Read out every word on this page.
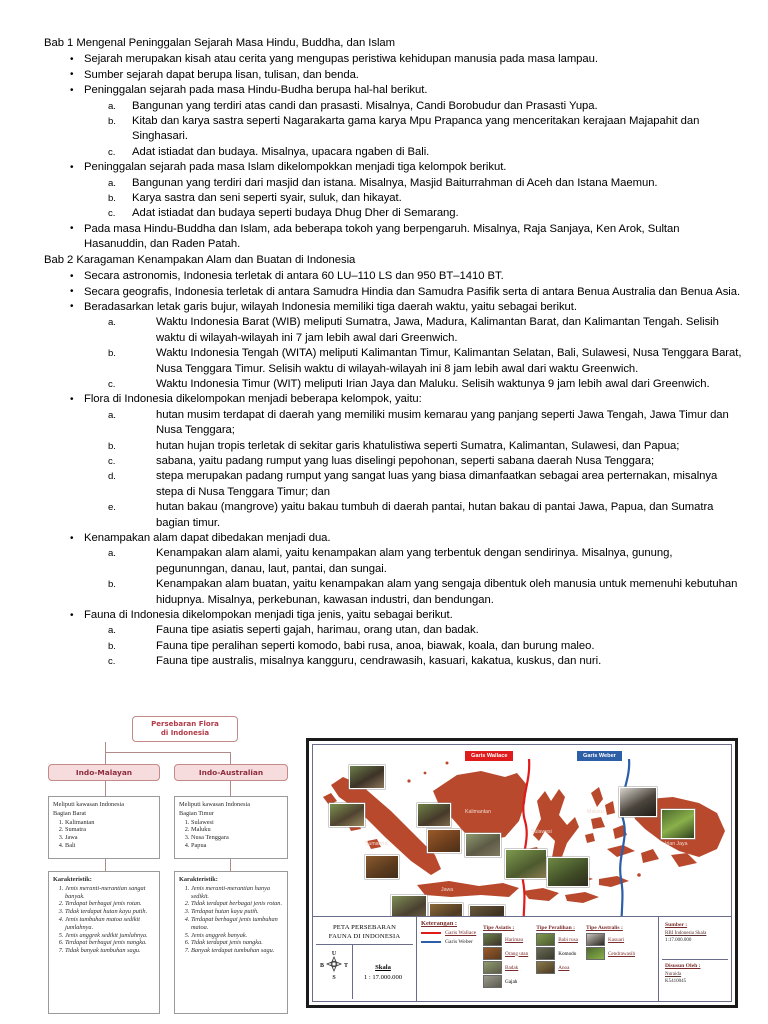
Bab 1 Mengenal Peninggalan Sejarah Masa Hindu, Buddha, dan Islam
• Sejarah merupakan kisah atau cerita yang mengupas peristiwa kehidupan manusia pada masa lampau.
• Sumber sejarah dapat berupa lisan, tulisan, dan benda.
• Peninggalan sejarah pada masa Hindu-Budha berupa hal-hal berikut.
a. Bangunan yang terdiri atas candi dan prasasti. Misalnya, Candi Borobudur dan Prasasti Yupa.
b. Kitab dan karya sastra seperti Nagarakarta gama karya Mpu Prapanca yang menceritakan kerajaan Majapahit dan Singhasari.
c. Adat istiadat dan budaya. Misalnya, upacara ngaben di Bali.
• Peninggalan sejarah pada masa Islam dikelompokkan menjadi tiga kelompok berikut.
a. Bangunan yang terdiri dari masjid dan istana. Misalnya, Masjid Baiturrahman di Aceh dan Istana Maemun.
b. Karya sastra dan seni seperti syair, suluk, dan hikayat.
c. Adat istiadat dan budaya seperti budaya Dhug Dher di Semarang.
• Pada masa Hindu-Buddha dan Islam, ada beberapa tokoh yang berpengaruh. Misalnya, Raja Sanjaya, Ken Arok, Sultan Hasanuddin, dan Raden Patah.
Bab 2 Karagaman Kenampakan Alam dan Buatan di Indonesia
• Secara astronomis, Indonesia terletak di antara 60 LU–110 LS dan 950 BT–1410 BT.
• Secara geografis, Indonesia terletak di antara Samudra Hindia dan Samudra Pasifik serta di antara Benua Australia dan Benua Asia.
• Beradasarkan letak garis bujur, wilayah Indonesia memiliki tiga daerah waktu, yaitu sebagai berikut.
a.	Waktu Indonesia Barat (WIB) meliputi Sumatra, Jawa, Madura, Kalimantan Barat, dan Kalimantan Tengah. Selisih waktu di wilayah-wilayah ini 7 jam lebih awal dari Greenwich.
b.	Waktu Indonesia Tengah (WITA) meliputi Kalimantan Timur, Kalimantan Selatan, Bali, Sulawesi, Nusa Tenggara Barat, Nusa Tenggara Timur. Selisih waktu di wilayah-wilayah ini 8 jam lebih awal dari waktu Greenwich.
c.	Waktu Indonesia Timur (WIT) meliputi Irian Jaya dan Maluku. Selisih waktunya 9 jam lebih awal dari Greenwich.
• Flora di Indonesia dikelompokan menjadi beberapa kelompok, yaitu:
a.	hutan musim terdapat di daerah yang memiliki musim kemarau yang panjang seperti Jawa Tengah, Jawa Timur dan Nusa Tenggara;
b.	hutan hujan tropis terletak di sekitar garis khatulistiwa seperti Sumatra, Kalimantan, Sulawesi, dan Papua;
c.	sabana, yaitu padang rumput yang luas diselingi pepohonan, seperti sabana daerah Nusa Tenggara;
d.	stepa merupakan padang rumput yang sangat luas yang biasa dimanfaatkan sebagai area perternakan, misalnya stepa di Nusa Tenggara Timur; dan
e.	hutan bakau (mangrove) yaitu bakau tumbuh di daerah pantai, hutan bakau di pantai Jawa, Papua, dan Sumatra bagian timur.
• Kenampakan alam dapat dibedakan menjadi dua.
a.	Kenampakan alam alami, yaitu kenampakan alam yang terbentuk dengan sendirinya. Misalnya, gunung, pegununngan, danau, laut, pantai, dan sungai.
b.	Kenampakan alam buatan, yaitu kenampakan alam yang sengaja dibentuk oleh manusia untuk memenuhi kebutuhan hidupnya. Misalnya, perkebunan, kawasan industri, dan bendungan.
• Fauna di Indonesia dikelompokan menjadi tiga jenis, yaitu sebagai berikut.
a.	Fauna tipe asiatis seperti gajah, harimau, orang utan, dan badak.
b.	Fauna tipe peralihan seperti komodo, babi rusa, anoa, biawak, koala, dan burung maleo.
c.	Fauna tipe australis, misalnya kangguru, cendrawasih, kasuari, kakatua, kuskus, dan nuri.
Persebaran Flora
di Indonesia
Indo-Malayan	Indo-Australian
Meliputi kawasan Indonesia
Bagian Barat
1. Kalimantan
2. Sumatra
3. Jawa
4. Bali
Meliputi kawasan Indonesia
Bagian Timur
1. Sulawesi
2. Maluku
3. Nusa Tenggara
4. Papua
Karakteristik:
1. Jenis meranti-merantian sangat banyak.
2. Terdapat berbagai jenis rotan.
3. Tidak terdapat hutan kayu putih.
4. Jenis tumbuhan matoa sedikit jumlahnya.
5. Jenis anggrek sedikit jumlahnya.
6. Terdapat berbagai jenis nangka.
7. Tidak banyak tumbuhan sagu.
Karakteristik:
1. Jenis meranti-merantian hanya sedikit.
2. Tidak terdapat berbagai jenis rotan.
3. Terdapat hutan kayu putih.
4. Terdapat berbagai jenis tumbuhan matoa.
5. Jenis anggrek banyak.
6. Tidak terdapat jenis nangka.
7. Banyak terdapat tumbuhan sagu.
Garis Wallace	Garis Weber
Sumatera
Kalimantan
Jawa
Sulawesi
Maluku
Irian Jaya
PETA PERSEBARAN
FAUNA DI INDONESIA
U
S
T
B	Skala
1 : 17.000.000
Keterangan :
Garis Wallace
Garis Weber
Tipe Asiatis :
Harimau
Orang utan
Badak
Gajah
Tipe Peralihan :
Babi rusa
Komodo
Anoa
Tipe Australis :
Kasuari
Cendrawasih
Sumber :
RBI Indonesia Skala
1:17.000.000
Disusun Oleh :
Nuraida
K5410045
